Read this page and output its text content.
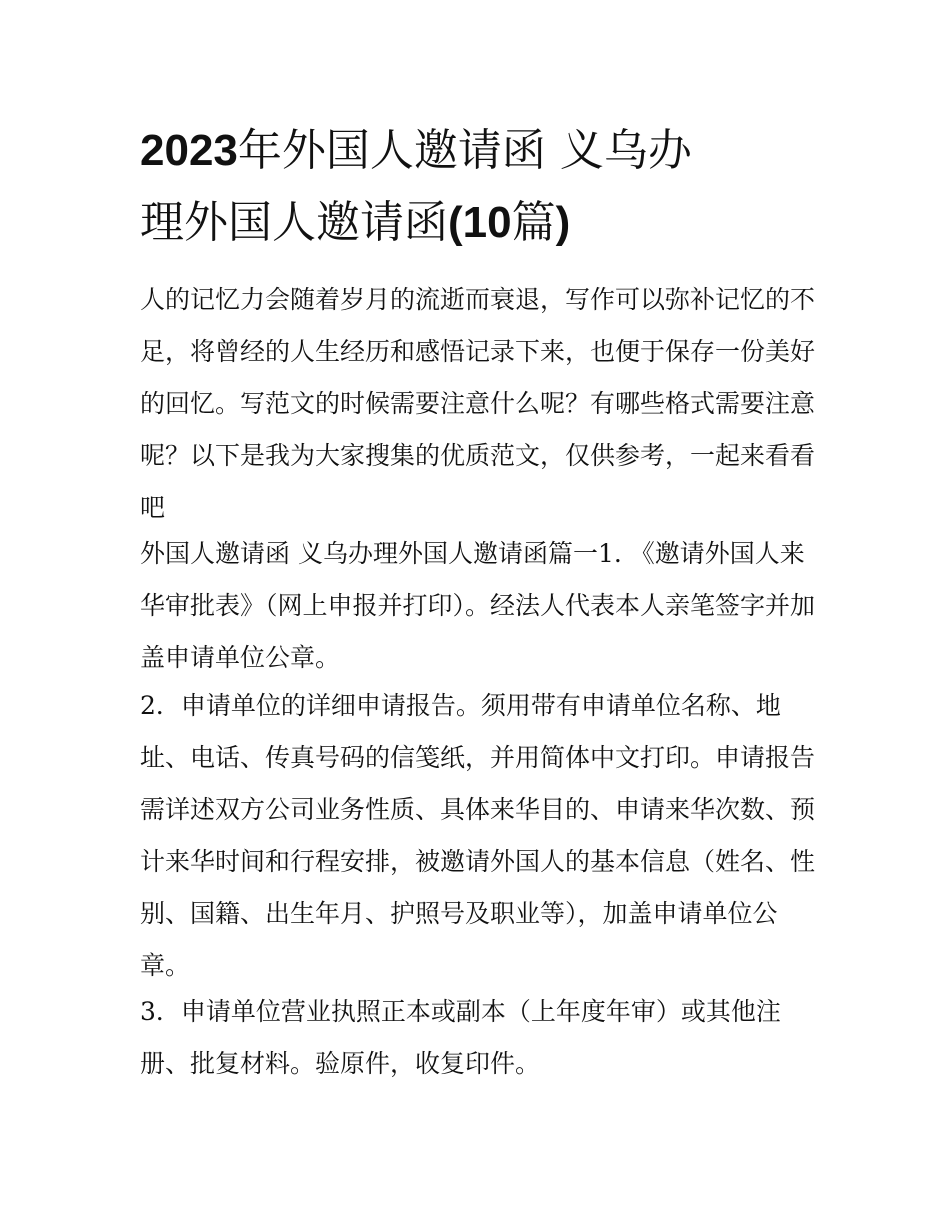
2023年外国人邀请函 义乌办
理外国人邀请函(10篇)

人的记忆力会随着岁月的流逝而衰退，写作可以弥补记忆的不足，将曾经的人生经历和感悟记录下来，也便于保存一份美好的回忆。写范文的时候需要注意什么呢？有哪些格式需要注意呢？以下是我为大家搜集的优质范文，仅供参考，一起来看看吧

外国人邀请函 义乌办理外国人邀请函篇一1. 《邀请外国人来华审批表》（网上申报并打印）。经法人代表本人亲笔签字并加盖申请单位公章。

2．申请单位的详细申请报告。须用带有申请单位名称、地
址、电话、传真号码的信笺纸，并用简体中文打印。申请报告需详述双方公司业务性质、具体来华目的、申请来华次数、预计来华时间和行程安排，被邀请外国人的基本信息（姓名、性别、国籍、出生年月、护照号及职业等），加盖申请单位公章。
3．申请单位营业执照正本或副本（上年度年审）或其他注
册、批复材料。验原件，收复印件。
